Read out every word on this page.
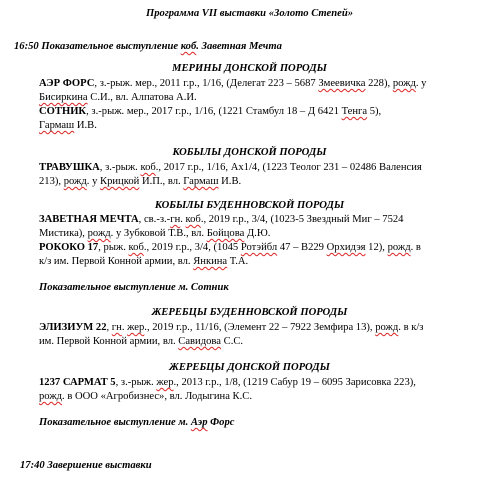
Программа VII выставки «Золото Степей»
16:50 Показательное выступление коб. Заветная Мечта
МЕРИНЫ ДОНСКОЙ ПОРОДЫ
АЭР ФОРС, з.-рыж. мер., 2011 г.р., 1/16, (Делегат 223 – 5687 Змеевичка 228), рожд. у
Бисиркина С.И., вл. Алпатова А.И.
СОТНИК, з.-рыж. мер., 2017 г.р., 1/16, (1221 Стамбул 18 – Д 6421 Тенга 5),
Гармаш И.В.
КОБЫЛЫ ДОНСКОЙ ПОРОДЫ
ТРАВУШКА, з.-рыж. коб., 2017 г.р., 1/16, Ах1/4, (1223 Теолог 231 – 02486 Валенсия
213), рожд. у Крицкой И.П., вл. Гармаш И.В.
КОБЫЛЫ БУДЕННОВСКОЙ ПОРОДЫ
ЗАВЕТНАЯ МЕЧТА, св.-з.-гн. коб., 2019 г.р., 3/4, (1023-5 Звездный Миг – 7524
Мистика), рожд. у Зубковой Т.В., вл. Бойцова Д.Ю.
РОКОКО 17, рыж. коб., 2019 г.р., 3/4, (1045 Ротэйбл 47 – В229 Орхидэя 12), рожд. в
к/з им. Первой Конной армии, вл. Янкина Т.А.
Показательное выступление м. Сотник
ЖЕРЕБЦЫ БУДЕННОВСКОЙ ПОРОДЫ
ЭЛИЗИУМ 22, гн. жер., 2019 г.р., 11/16, (Элемент 22 – 7922 Земфира 13), рожд. в к/з
им. Первой Конной армии, вл. Савидова С.С.
ЖЕРЕБЦЫ ДОНСКОЙ ПОРОДЫ
1237 САРМАТ 5, з.-рыж. жер., 2013 г.р., 1/8, (1219 Сабур 19 – 6095 Зарисовка 223),
рожд. в ООО «Агробизнес», вл. Лодыгина К.С.
Показательное выступление м. Аэр Форс
17:40 Завершение выставки
